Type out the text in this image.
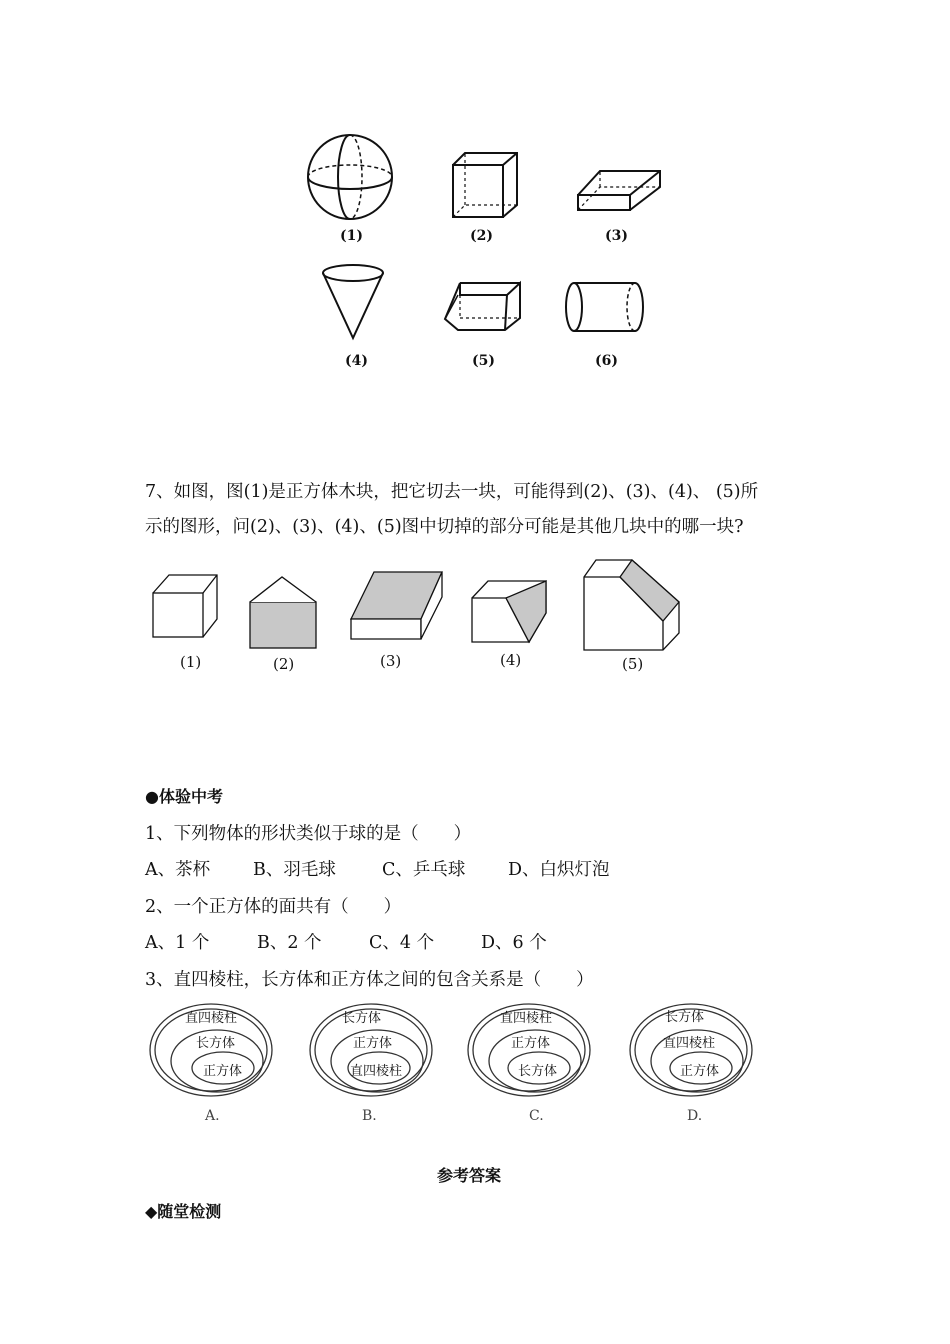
(1)	(2)	(3)
(4)	(5)	(6)
7、如图，图(1)是正方体木块，把它切去一块，可能得到(2)、(3)、(4)、 (5)所
示的图形，问(2)、(3)、(4)、(5)图中切掉的部分可能是其他几块中的哪一块?
(1)	(2)	(3)	(4)	(5)
●体验中考
1、下列物体的形状类似于球的是（　　）
A、茶杯 B、羽毛球	C、乒乓球 D、白炽灯泡
2、一个正方体的面共有（　　）
A、1 个	B、2 个	C、4 个	D、6 个
3、直四棱柱，长方体和正方体之间的包含关系是（　　）
直四棱柱
长方体
正方体
A.
长方体
正方体
直四棱柱
B.
直四棱柱
正方体
长方体
C.
长方体
直四棱柱
正方体
D.
参考答案
◆随堂检测
